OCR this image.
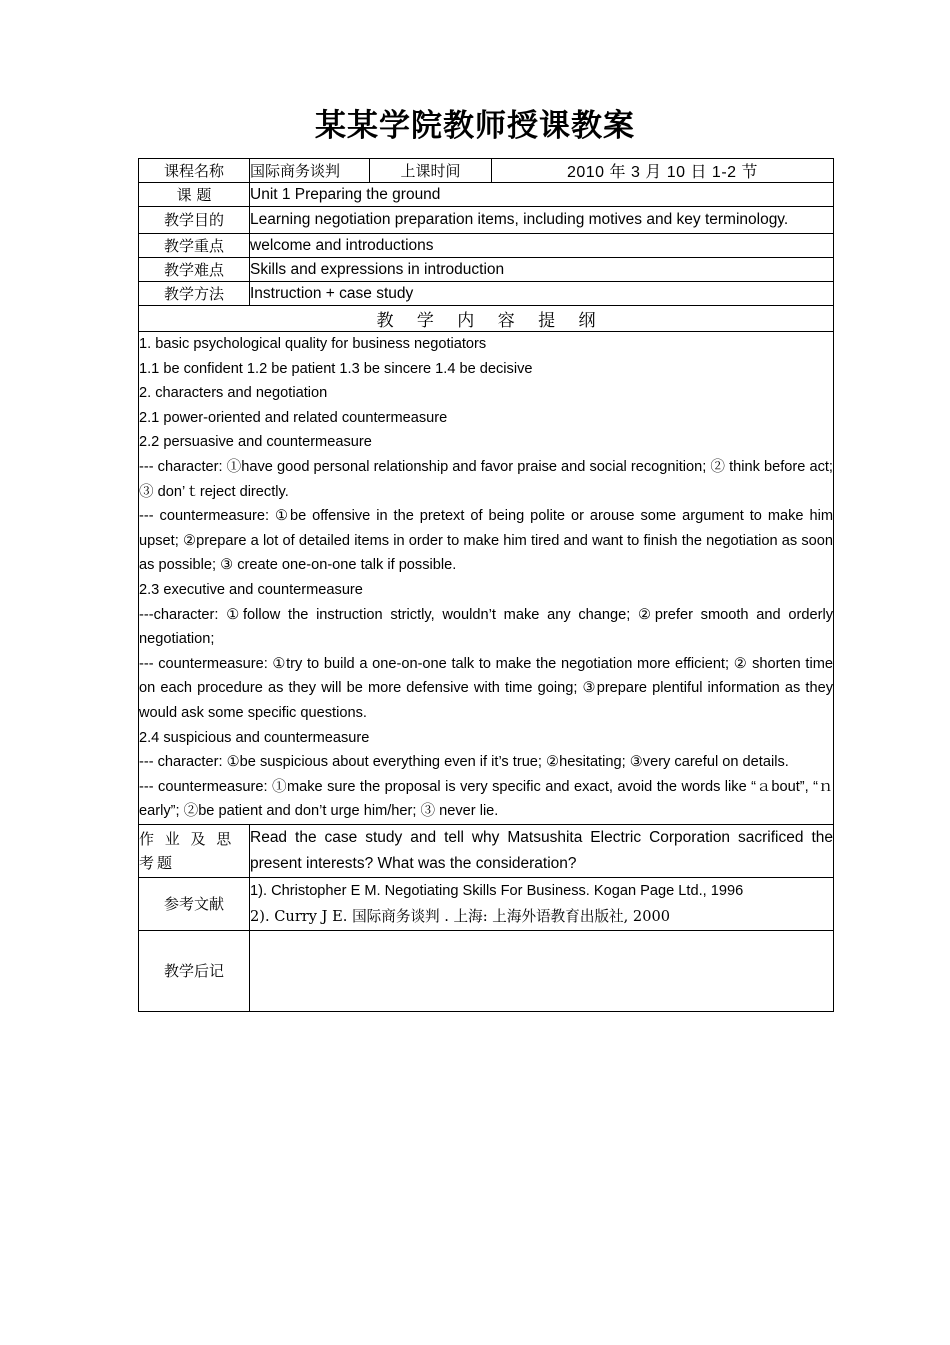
某某学院教师授课教案
课程名称	国际商务谈判	上课时间	2010 年 3 月 10 日 1-2 节
课 题	Unit 1 Preparing the ground		
教学目的	Learning negotiation preparation items, including motives and key terminology.		
教学重点	welcome and introductions		
教学难点	Skills and expressions in introduction		
教学方法	Instruction + case study		
教 学 内 容 提 纲			

1. basic psychological quality for business negotiators

1.1 be confident 1.2 be patient 1.3 be sincere 1.4 be decisive

2. characters and negotiation

2.1 power-oriented and related countermeasure

2.2 persuasive and countermeasure

--- character: ①have good personal relationship and favor praise and social recognition; ② think before act; ③ don’ｔreject directly.

--- countermeasure: ①be offensive in the pretext of being polite or arouse some argument to make him upset; ②prepare a lot of detailed items in order to make him tired and want to finish the negotiation as soon as possible; ③ create one-on-one talk if possible.

2.3 executive and countermeasure

---character: ①follow the instruction strictly, wouldn’t make any change; ②prefer smooth and orderly negotiation;

--- countermeasure: ①try to build a one-on-one talk to make the negotiation more efficient; ② shorten time on each procedure as they will be more defensive with time going; ③prepare plentiful information as they would ask some specific questions.

2.4 suspicious and countermeasure

--- character: ①be suspicious about everything even if it’s true; ②hesitating; ③very careful on details.

--- countermeasure: ①make sure the proposal is very specific and exact, avoid the words like “ａbout”, “ｎearly”; ②be patient and don’t urge him/her; ③ never lie.

作 业 及 思 考题	Read the case study and tell why Matsushita Electric Corporation sacrificed the present interests? What was the consideration?		
参考文献	1). Christopher E M. Negotiating Skills For Business. Kogan Page Ltd., 1996
2). Curry J E. 国际商务谈判 . 上海: 上海外语教育出版社, 2000		

教学后记			
